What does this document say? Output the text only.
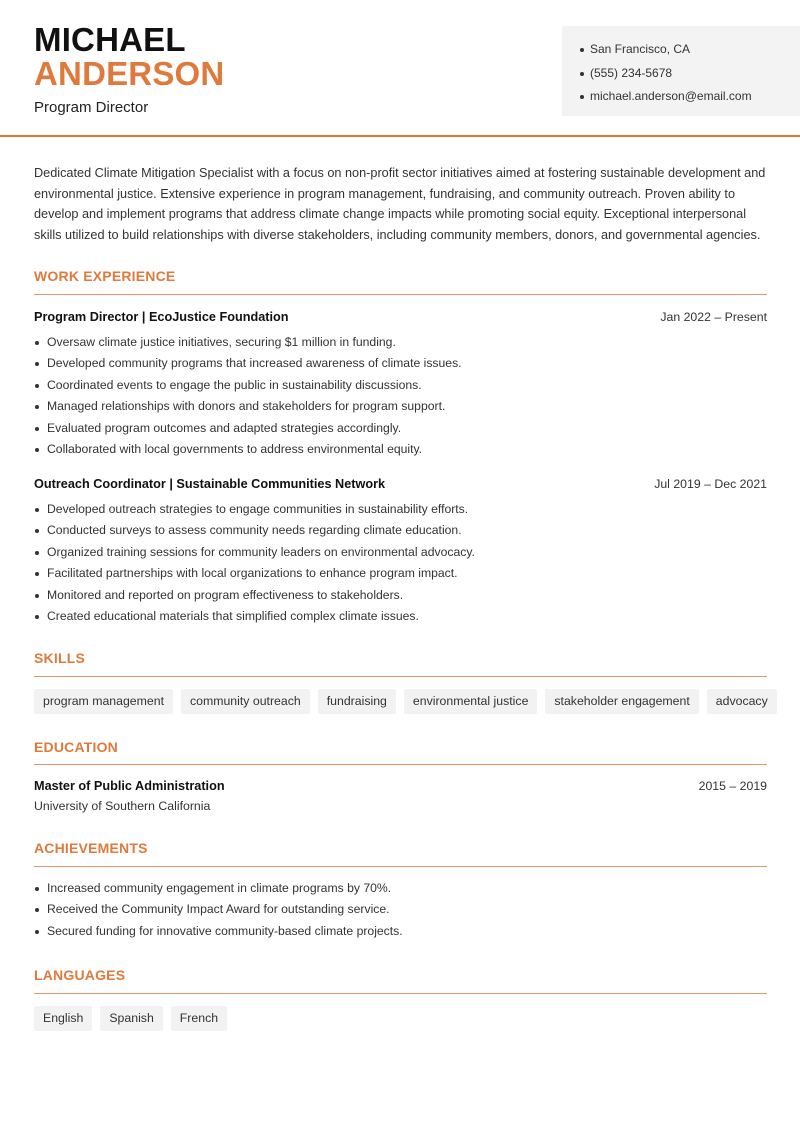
MICHAEL
ANDERSON
Program Director
San Francisco, CA
(555) 234-5678
michael.anderson@email.com

Dedicated Climate Mitigation Specialist with a focus on non-profit sector initiatives aimed at fostering sustainable development and environmental justice. Extensive experience in program management, fundraising, and community outreach. Proven ability to develop and implement programs that address climate change impacts while promoting social equity. Exceptional interpersonal skills utilized to build relationships with diverse stakeholders, including community members, donors, and governmental agencies.

WORK EXPERIENCE
Program Director | EcoJustice Foundation	Jan 2022 – Present
Oversaw climate justice initiatives, securing $1 million in funding.
Developed community programs that increased awareness of climate issues.
Coordinated events to engage the public in sustainability discussions.
Managed relationships with donors and stakeholders for program support.
Evaluated program outcomes and adapted strategies accordingly.
Collaborated with local governments to address environmental equity.
Outreach Coordinator | Sustainable Communities Network	Jul 2019 – Dec 2021
Developed outreach strategies to engage communities in sustainability efforts.
Conducted surveys to assess community needs regarding climate education.
Organized training sessions for community leaders on environmental advocacy.
Facilitated partnerships with local organizations to enhance program impact.
Monitored and reported on program effectiveness to stakeholders.
Created educational materials that simplified complex climate issues.
SKILLS
program management	community outreach	fundraising	environmental justice	stakeholder engagement	advocacy
EDUCATION
Master of Public Administration	2015 – 2019
University of Southern California
ACHIEVEMENTS
Increased community engagement in climate programs by 70%.
Received the Community Impact Award for outstanding service.
Secured funding for innovative community-based climate projects.
LANGUAGES
English	Spanish	French
